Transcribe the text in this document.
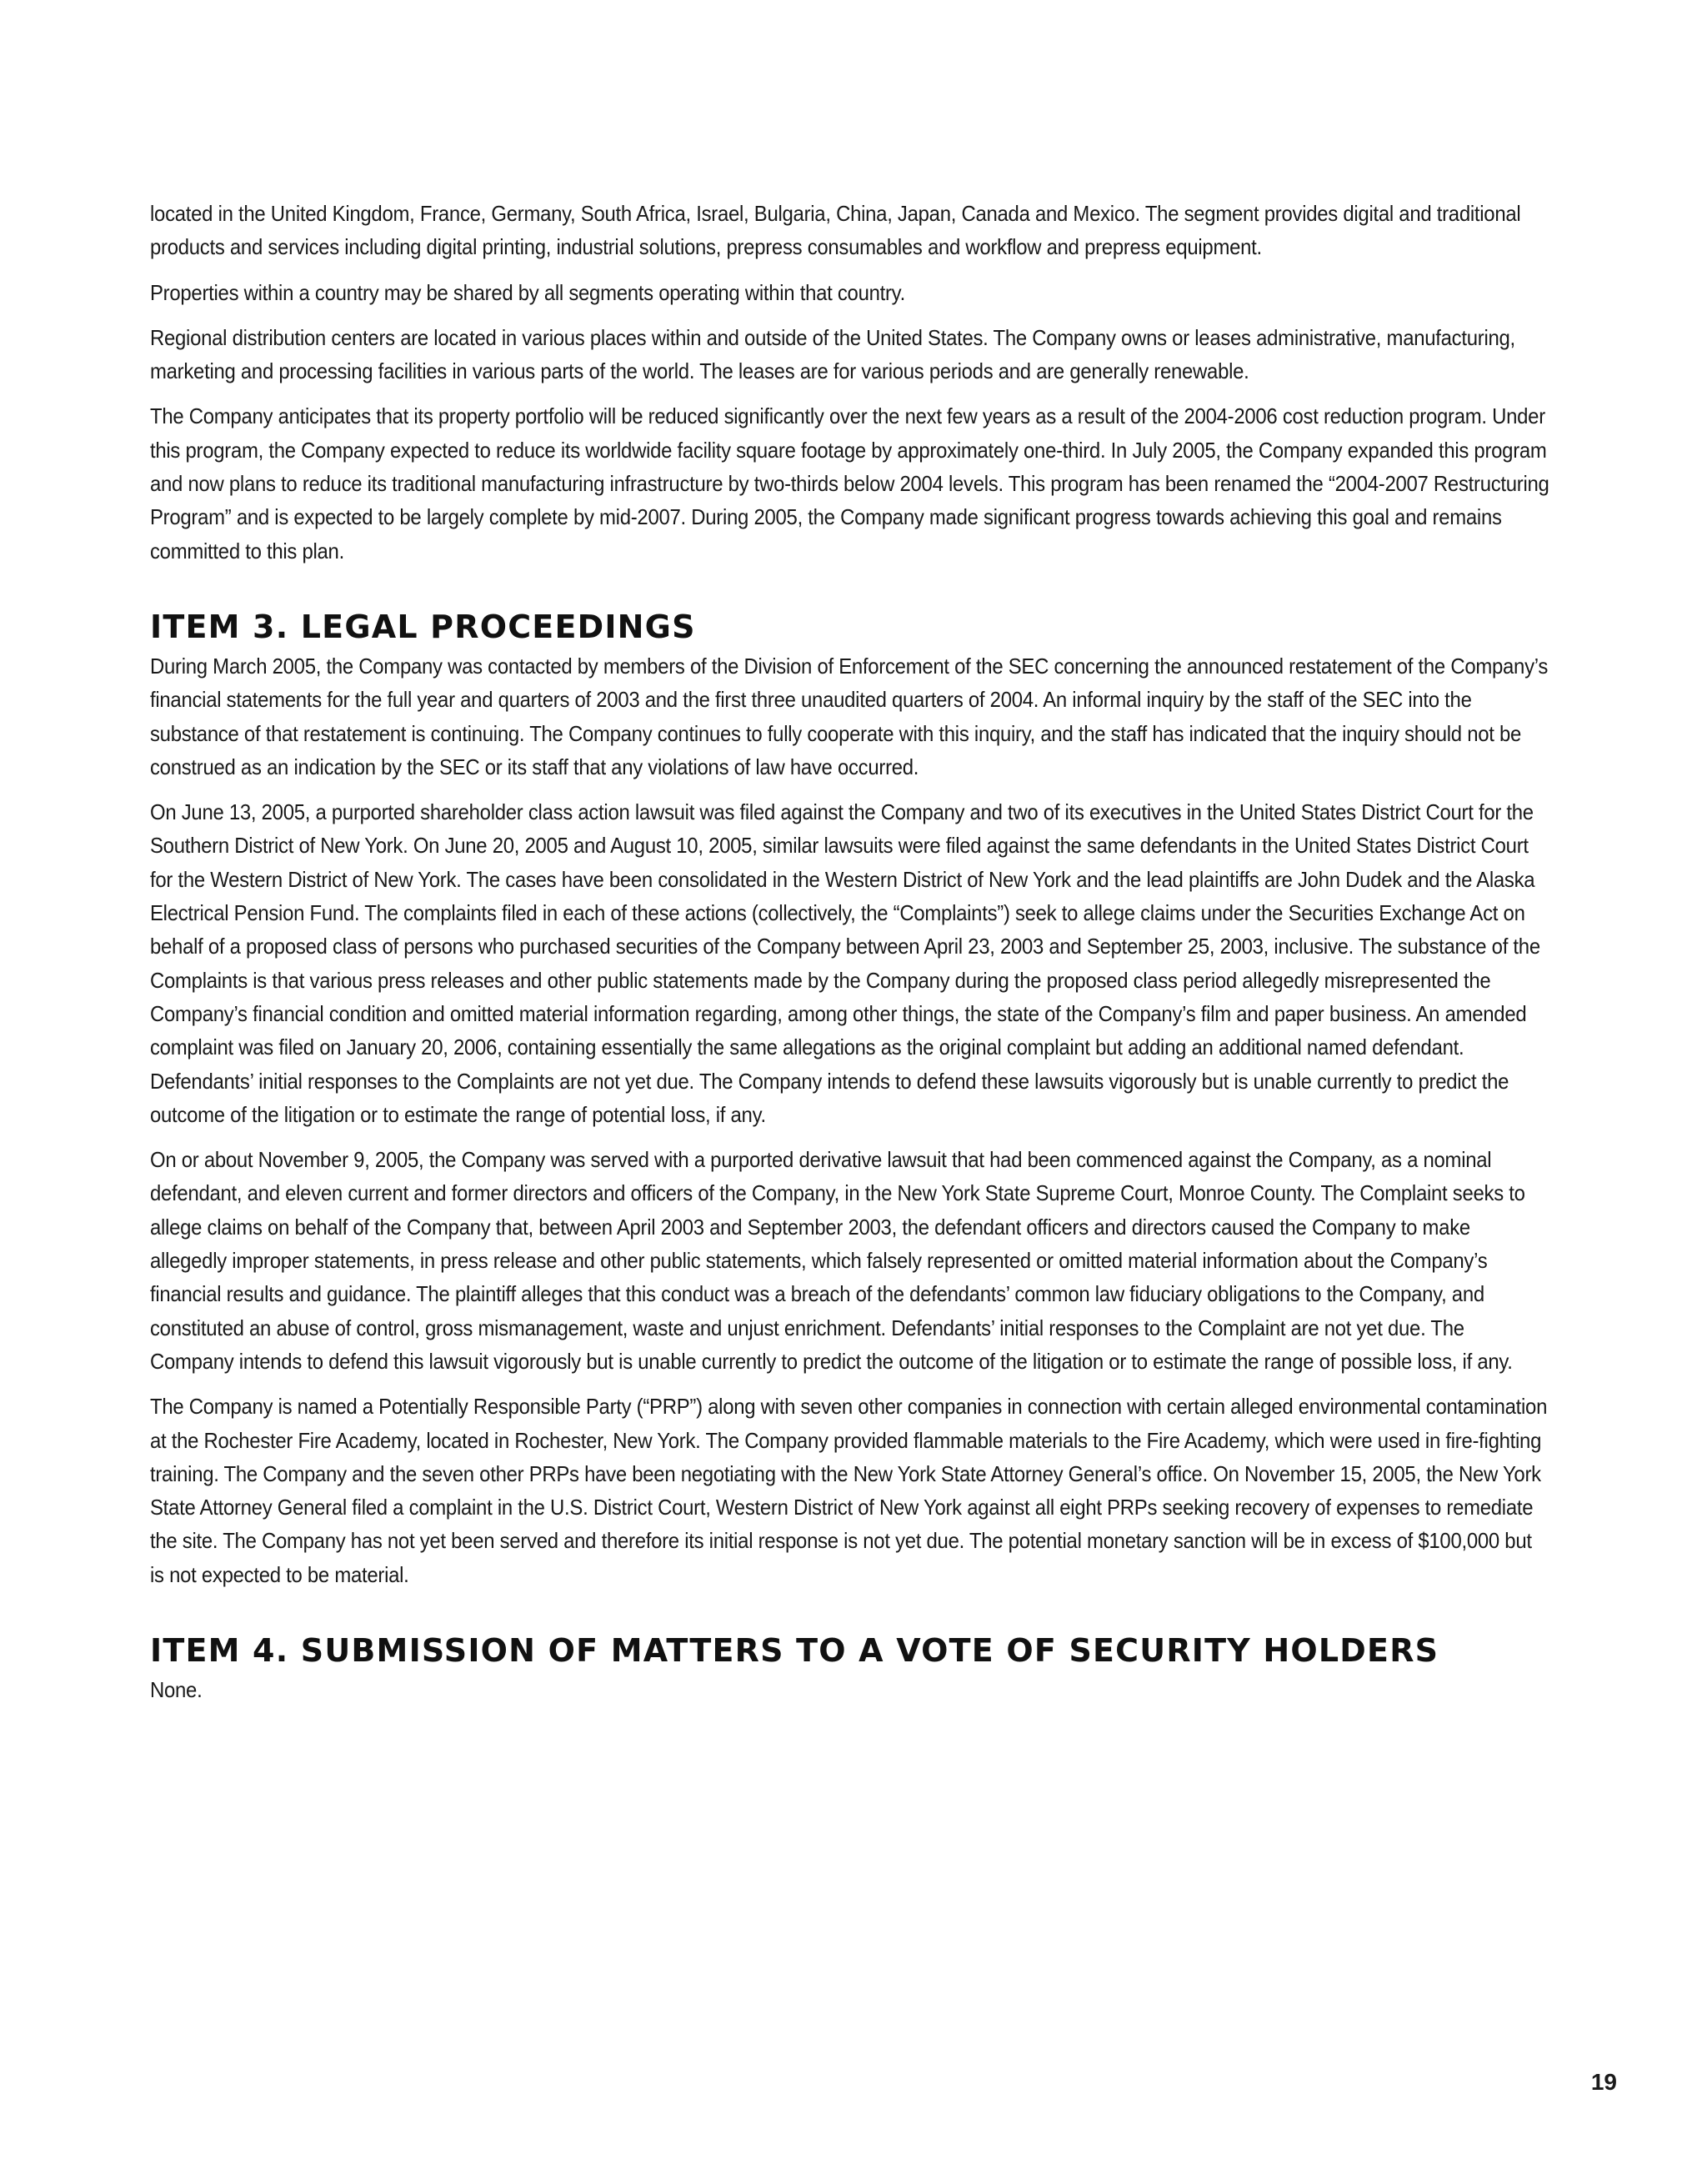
located in the United Kingdom, France, Germany, South Africa, Israel, Bulgaria, China, Japan, Canada and Mexico. The segment provides digital and traditional products and services including digital printing, industrial solutions, prepress consumables and workflow and prepress equipment.

Properties within a country may be shared by all segments operating within that country.

Regional distribution centers are located in various places within and outside of the United States. The Company owns or leases administrative, manufacturing, marketing and processing facilities in various parts of the world. The leases are for various periods and are generally renewable.

The Company anticipates that its property portfolio will be reduced significantly over the next few years as a result of the 2004-2006 cost reduction program. Under this program, the Company expected to reduce its worldwide facility square footage by approximately one-third. In July 2005, the Company expanded this program and now plans to reduce its traditional manufacturing infrastructure by two-thirds below 2004 levels. This program has been renamed the “2004-2007 Restructuring Program” and is expected to be largely complete by mid-2007. During 2005, the Company made significant progress towards achieving this goal and remains committed to this plan.

ITEM 3. LEGAL PROCEEDINGS

During March 2005, the Company was contacted by members of the Division of Enforcement of the SEC concerning the announced restatement of the Company’s financial statements for the full year and quarters of 2003 and the first three unaudited quarters of 2004. An informal inquiry by the staff of the SEC into the substance of that restatement is continuing. The Company continues to fully cooperate with this inquiry, and the staff has indicated that the inquiry should not be construed as an indication by the SEC or its staff that any violations of law have occurred.

On June 13, 2005, a purported shareholder class action lawsuit was filed against the Company and two of its executives in the United States District Court for the Southern District of New York. On June 20, 2005 and August 10, 2005, similar lawsuits were filed against the same defendants in the United States District Court for the Western District of New York. The cases have been consolidated in the Western District of New York and the lead plaintiffs are John Dudek and the Alaska Electrical Pension Fund. The complaints filed in each of these actions (collectively, the “Complaints”) seek to allege claims under the Securities Exchange Act on behalf of a proposed class of persons who purchased securities of the Company between April 23, 2003 and September 25, 2003, inclusive. The substance of the Complaints is that various press releases and other public statements made by the Company during the proposed class period allegedly misrepresented the Company’s financial condition and omitted material information regarding, among other things, the state of the Company’s film and paper business. An amended complaint was filed on January 20, 2006, containing essentially the same allegations as the original complaint but adding an additional named defendant. Defendants’ initial responses to the Complaints are not yet due. The Company intends to defend these lawsuits vigorously but is unable currently to predict the outcome of the litigation or to estimate the range of potential loss, if any.

On or about November 9, 2005, the Company was served with a purported derivative lawsuit that had been commenced against the Company, as a nominal defendant, and eleven current and former directors and officers of the Company, in the New York State Supreme Court, Monroe County. The Complaint seeks to allege claims on behalf of the Company that, between April 2003 and September 2003, the defendant officers and directors caused the Company to make allegedly improper statements, in press release and other public statements, which falsely represented or omitted material information about the Company’s financial results and guidance. The plaintiff alleges that this conduct was a breach of the defendants’ common law fiduciary obligations to the Company, and constituted an abuse of control, gross mismanagement, waste and unjust enrichment. Defendants’ initial responses to the Complaint are not yet due. The Company intends to defend this lawsuit vigorously but is unable currently to predict the outcome of the litigation or to estimate the range of possible loss, if any.

The Company is named a Potentially Responsible Party (“PRP”) along with seven other companies in connection with certain alleged environmental contamination at the Rochester Fire Academy, located in Rochester, New York. The Company provided flammable materials to the Fire Academy, which were used in fire-fighting training. The Company and the seven other PRPs have been negotiating with the New York State Attorney General’s office. On November 15, 2005, the New York State Attorney General filed a complaint in the U.S. District Court, Western District of New York against all eight PRPs seeking recovery of expenses to remediate the site. The Company has not yet been served and therefore its initial response is not yet due. The potential monetary sanction will be in excess of $100,000 but is not expected to be material.

ITEM 4. SUBMISSION OF MATTERS TO A VOTE OF SECURITY HOLDERS

None.

19
